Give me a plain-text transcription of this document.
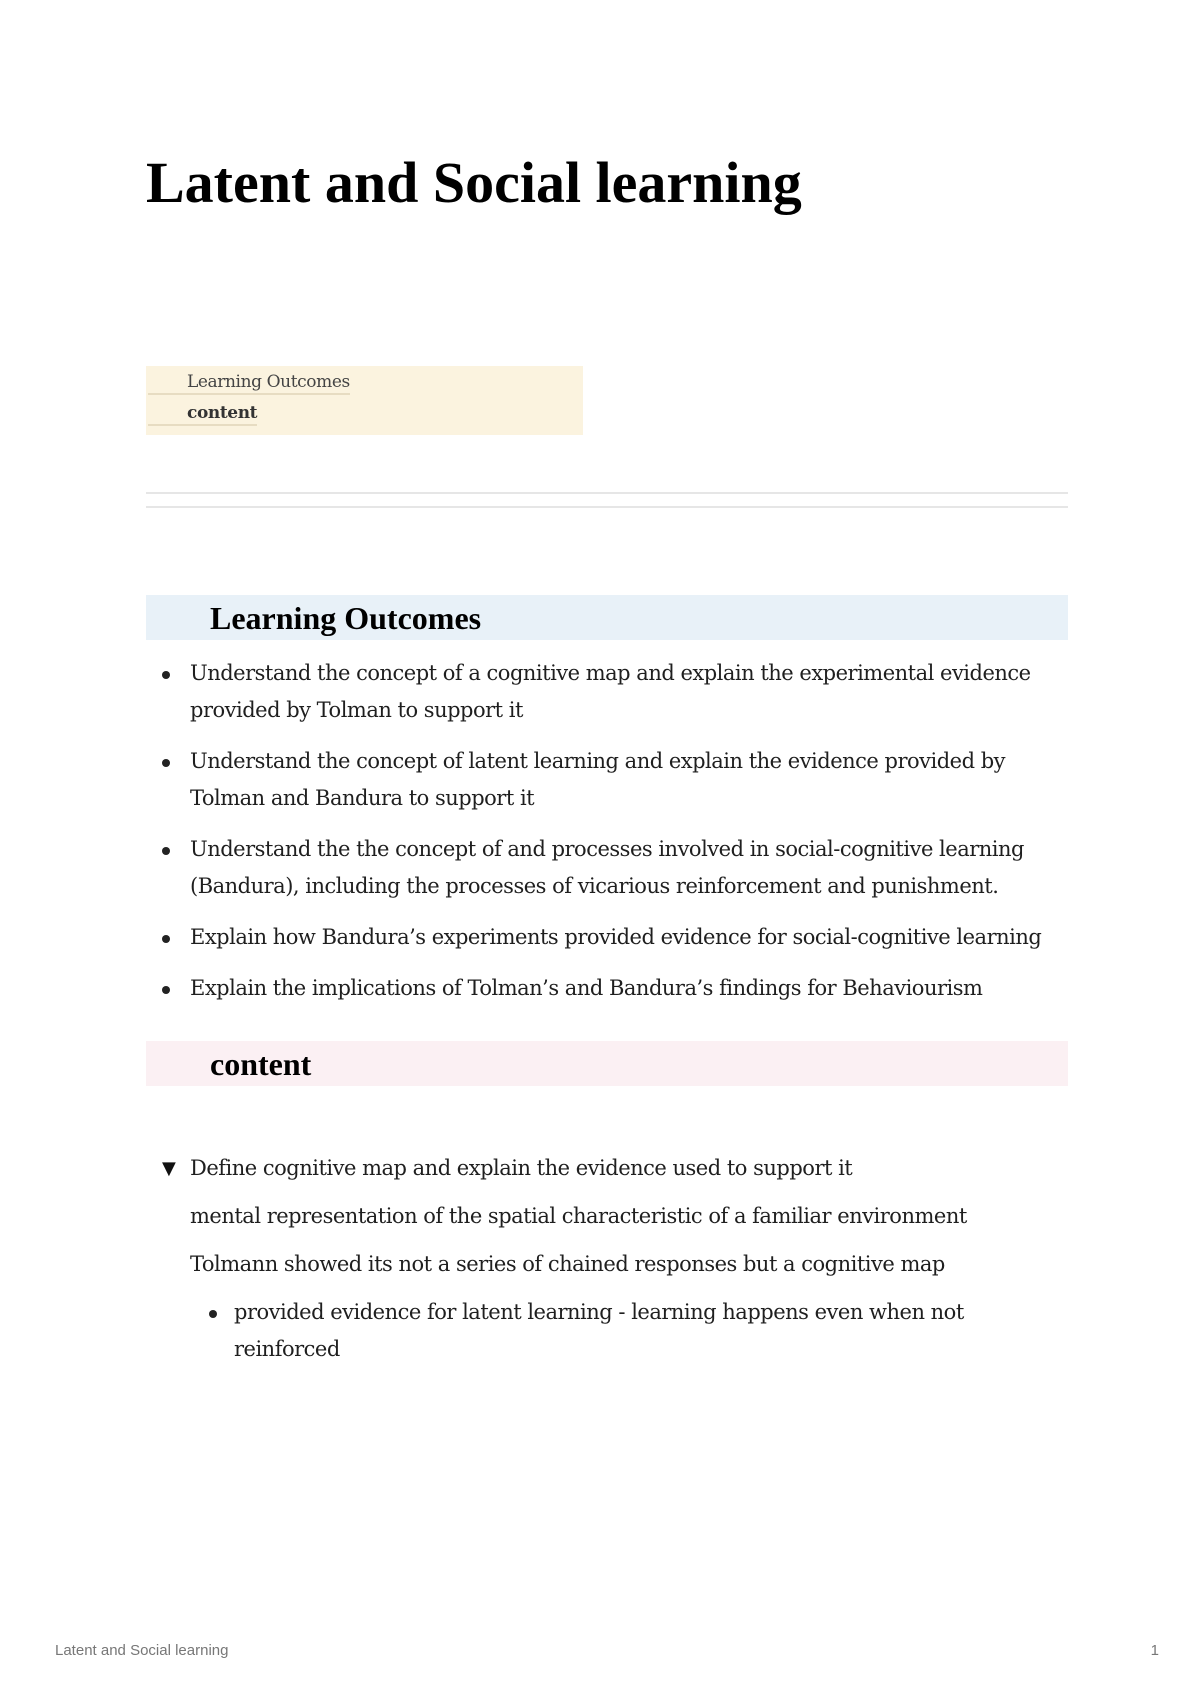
Latent and Social learning
Learning Outcomes
content
Learning Outcomes
Understand the concept of a cognitive map and explain the experimental evidence provided by Tolman to support it
Understand the concept of latent learning and explain the evidence provided by Tolman and Bandura to support it
Understand the the concept of and processes involved in social-cognitive learning (Bandura), including the processes of vicarious reinforcement and punishment.
Explain how Bandura’s experiments provided evidence for social-cognitive learning
Explain the implications of Tolman’s and Bandura’s findings for Behaviourism
content
▼ Define cognitive map and explain the evidence used to support it

mental representation of the spatial characteristic of a familiar environment

Tolmann showed its not a series of chained responses but a cognitive map

provided evidence for latent learning - learning happens even when not reinforced
Latent and Social learning	1
